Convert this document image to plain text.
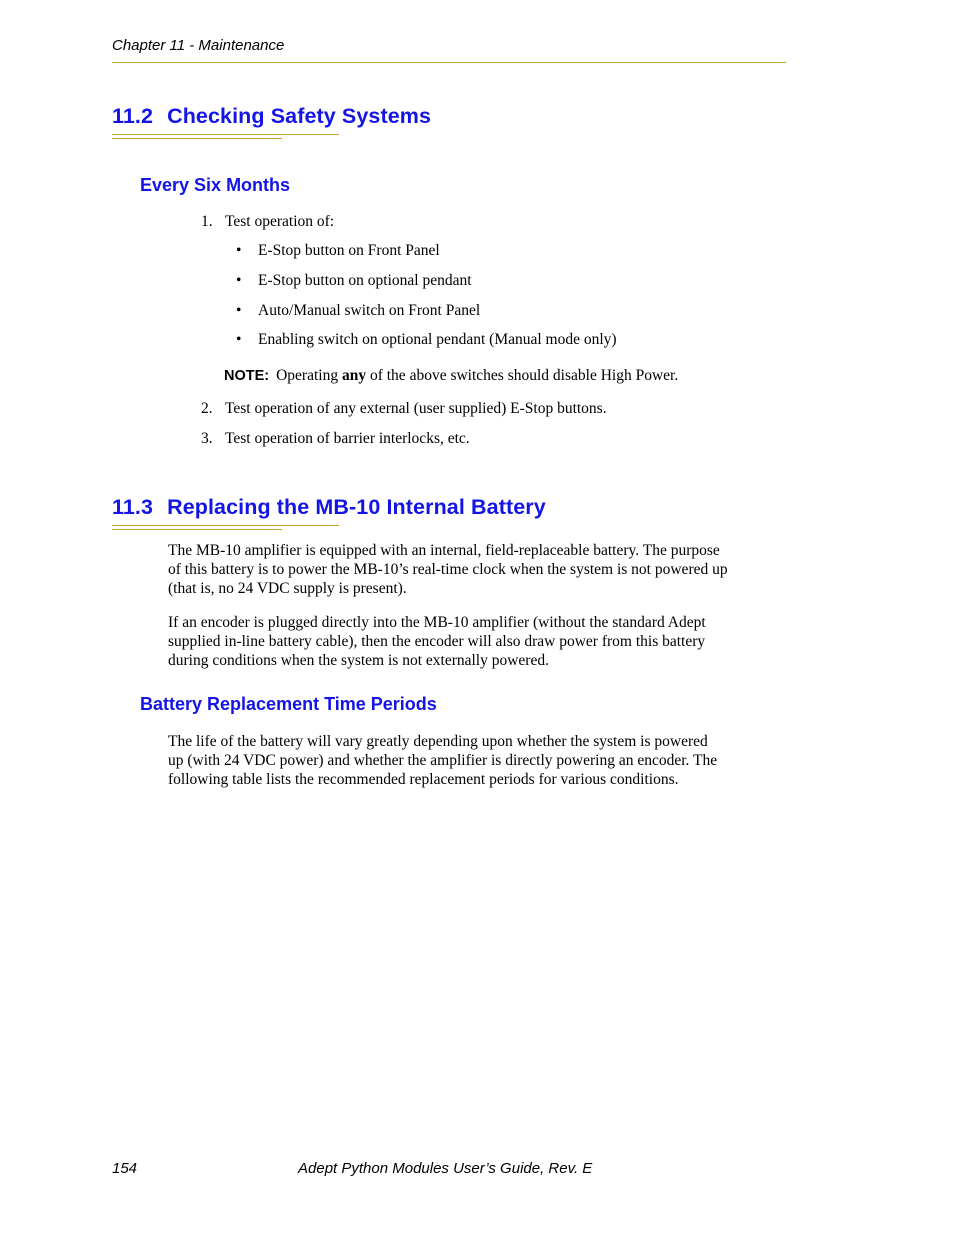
Chapter 11 - Maintenance
11.2 Checking Safety Systems
Every Six Months
1. Test operation of:
• E-Stop button on Front Panel
• E-Stop button on optional pendant
• Auto/Manual switch on Front Panel
• Enabling switch on optional pendant (Manual mode only)
NOTE: Operating any of the above switches should disable High Power.
2. Test operation of any external (user supplied) E-Stop buttons.
3. Test operation of barrier interlocks, etc.
11.3 Replacing the MB-10 Internal Battery
The MB-10 amplifier is equipped with an internal, field-replaceable battery. The purpose
of this battery is to power the MB-10’s real-time clock when the system is not powered up
(that is, no 24 VDC supply is present).
If an encoder is plugged directly into the MB-10 amplifier (without the standard Adept
supplied in-line battery cable), then the encoder will also draw power from this battery
during conditions when the system is not externally powered.
Battery Replacement Time Periods
The life of the battery will vary greatly depending upon whether the system is powered
up (with 24 VDC power) and whether the amplifier is directly powering an encoder. The
following table lists the recommended replacement periods for various conditions.
154	Adept Python Modules User’s Guide, Rev. E
